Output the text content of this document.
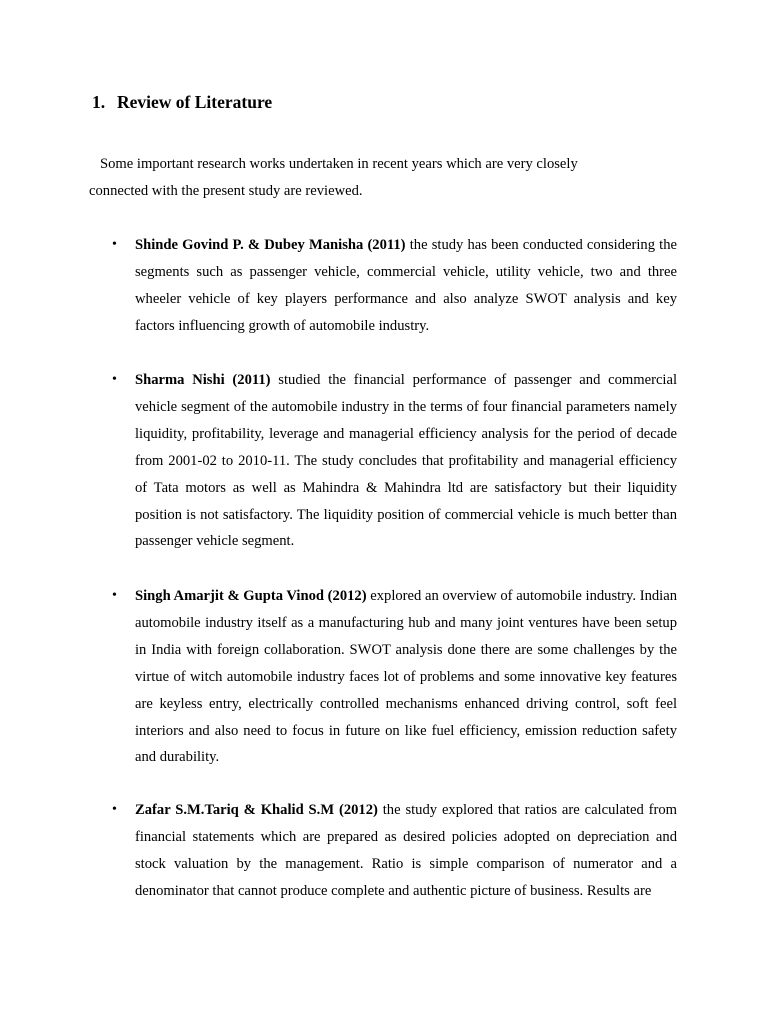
1. Review of Literature
Some important research works undertaken in recent years which are very closely
connected with the present study are reviewed.
• Shinde Govind P. & Dubey Manisha (2011) the study has been conducted considering the segments such as passenger vehicle, commercial vehicle, utility vehicle, two and three wheeler vehicle of key players performance and also analyze SWOT analysis and key factors influencing growth of automobile industry.
• Sharma Nishi (2011) studied the financial performance of passenger and commercial vehicle segment of the automobile industry in the terms of four financial parameters namely liquidity, profitability, leverage and managerial efficiency analysis for the period of decade from 2001-02 to 2010-11. The study concludes that profitability and managerial efficiency of Tata motors as well as Mahindra & Mahindra ltd are satisfactory but their liquidity position is not satisfactory. The liquidity position of commercial vehicle is much better than passenger vehicle segment.
• Singh Amarjit & Gupta Vinod (2012) explored an overview of automobile industry. Indian automobile industry itself as a manufacturing hub and many joint ventures have been setup in India with foreign collaboration. SWOT analysis done there are some challenges by the virtue of witch automobile industry faces lot of problems and some innovative key features are keyless entry, electrically controlled mechanisms enhanced driving control, soft feel interiors and also need to focus in future on like fuel efficiency, emission reduction safety and durability.
• Zafar S.M.Tariq & Khalid S.M (2012) the study explored that ratios are calculated from financial statements which are prepared as desired policies adopted on depreciation and stock valuation by the management. Ratio is simple comparison of numerator and a denominator that cannot produce complete and authentic picture of business. Results are
